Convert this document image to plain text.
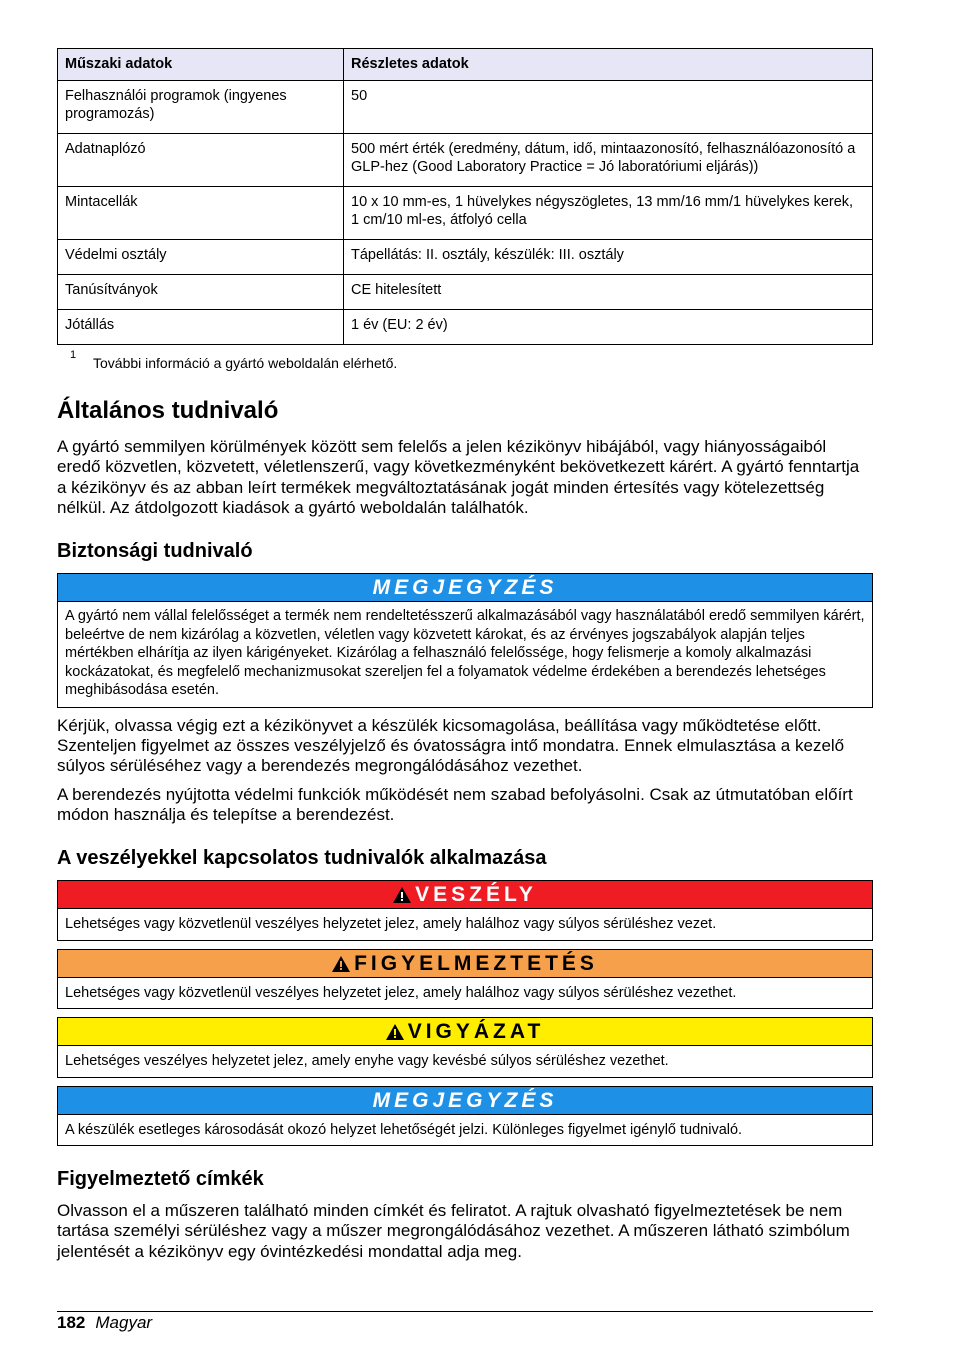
Műszaki adatok	Részletes adatok
Felhasználói programok (ingyenes programozás)	50
Adatnaplózó	500 mért érték (eredmény, dátum, idő, mintaazonosító, felhasználóazonosító a GLP-hez (Good Laboratory Practice = Jó laboratóriumi eljárás))
Mintacellák	10 x 10 mm-es, 1 hüvelykes négyszögletes, 13 mm/16 mm/1 hüvelykes kerek, 1 cm/10 ml-es, átfolyó cella
Védelmi osztály	Tápellátás: II. osztály, készülék: III. osztály
Tanúsítványok	CE hitelesített
Jótállás	1 év (EU: 2 év)
1 További információ a gyártó weboldalán elérhető.
Általános tudnivaló

A gyártó semmilyen körülmények között sem felelős a jelen kézikönyv hibájából, vagy hiányosságaiból eredő közvetlen, közvetett, véletlenszerű, vagy következményként bekövetkezett kárért. A gyártó fenntartja a kézikönyv és az abban leírt termékek megváltoztatásának jogát minden értesítés vagy kötelezettség nélkül. Az átdolgozott kiadások a gyártó weboldalán találhatók.

Biztonsági tudnivaló
MEGJEGYZÉS
A gyártó nem vállal felelősséget a termék nem rendeltetésszerű alkalmazásából vagy használatából eredő semmilyen kárért, beleértve de nem kizárólag a közvetlen, véletlen vagy közvetett károkat, és az érvényes jogszabályok alapján teljes mértékben elhárítja az ilyen kárigényeket. Kizárólag a felhasználó felelőssége, hogy felismerje a komoly alkalmazási kockázatokat, és megfelelő mechanizmusokat szereljen fel a folyamatok védelme érdekében a berendezés lehetséges meghibásodása esetén.

Kérjük, olvassa végig ezt a kézikönyvet a készülék kicsomagolása, beállítása vagy működtetése előtt. Szenteljen figyelmet az összes veszélyjelző és óvatosságra intő mondatra. Ennek elmulasztása a kezelő súlyos sérüléséhez vagy a berendezés megrongálódásához vezethet.

A berendezés nyújtotta védelmi funkciók működését nem szabad befolyásolni. Csak az útmutatóban előírt módon használja és telepítse a berendezést.

A veszélyekkel kapcsolatos tudnivalók alkalmazása
VESZÉLY
Lehetséges vagy közvetlenül veszélyes helyzetet jelez, amely halálhoz vagy súlyos sérüléshez vezet.
FIGYELMEZTETÉS
Lehetséges vagy közvetlenül veszélyes helyzetet jelez, amely halálhoz vagy súlyos sérüléshez vezethet.
VIGYÁZAT
Lehetséges veszélyes helyzetet jelez, amely enyhe vagy kevésbé súlyos sérüléshez vezethet.
MEGJEGYZÉS
A készülék esetleges károsodását okozó helyzet lehetőségét jelzi. Különleges figyelmet igénylő tudnivaló.
Figyelmeztető címkék

Olvasson el a műszeren található minden címkét és feliratot. A rajtuk olvasható figyelmeztetések be nem tartása személyi sérüléshez vagy a műszer megrongálódásához vezethet. A műszeren látható szimbólum jelentését a kézikönyv egy óvintézkedési mondattal adja meg.

182 Magyar
